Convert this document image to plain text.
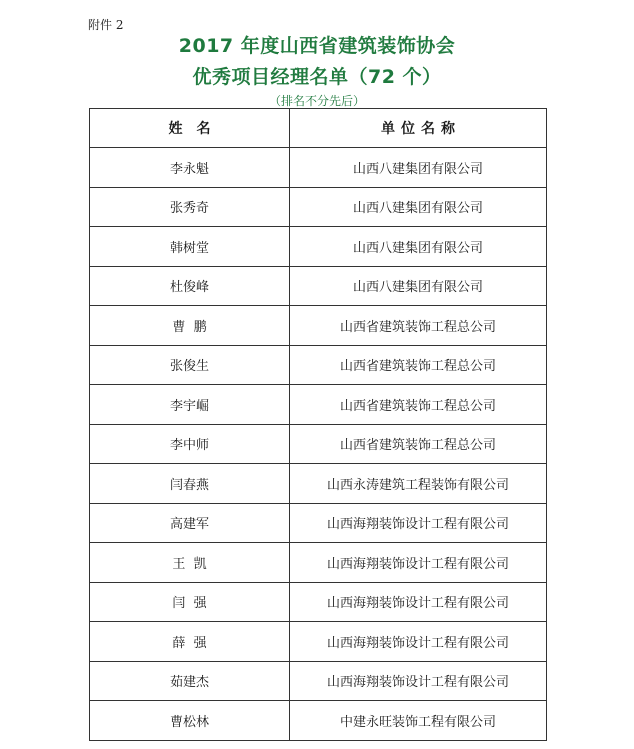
附件 2
2017 年度山西省建筑装饰协会
优秀项目经理名单（72 个）
（排名不分先后）
姓名	单位名称
李永魁	山西八建集团有限公司
张秀奇	山西八建集团有限公司
韩树堂	山西八建集团有限公司
杜俊峰	山西八建集团有限公司
曹  鹏	山西省建筑装饰工程总公司
张俊生	山西省建筑装饰工程总公司
李宇崛	山西省建筑装饰工程总公司
李中师	山西省建筑装饰工程总公司
闫春燕	山西永涛建筑工程装饰有限公司
高建军	山西海翔装饰设计工程有限公司
王  凯	山西海翔装饰设计工程有限公司
闫  强	山西海翔装饰设计工程有限公司
薛  强	山西海翔装饰设计工程有限公司
茹建杰	山西海翔装饰设计工程有限公司
曹松林	中建永旺装饰工程有限公司
